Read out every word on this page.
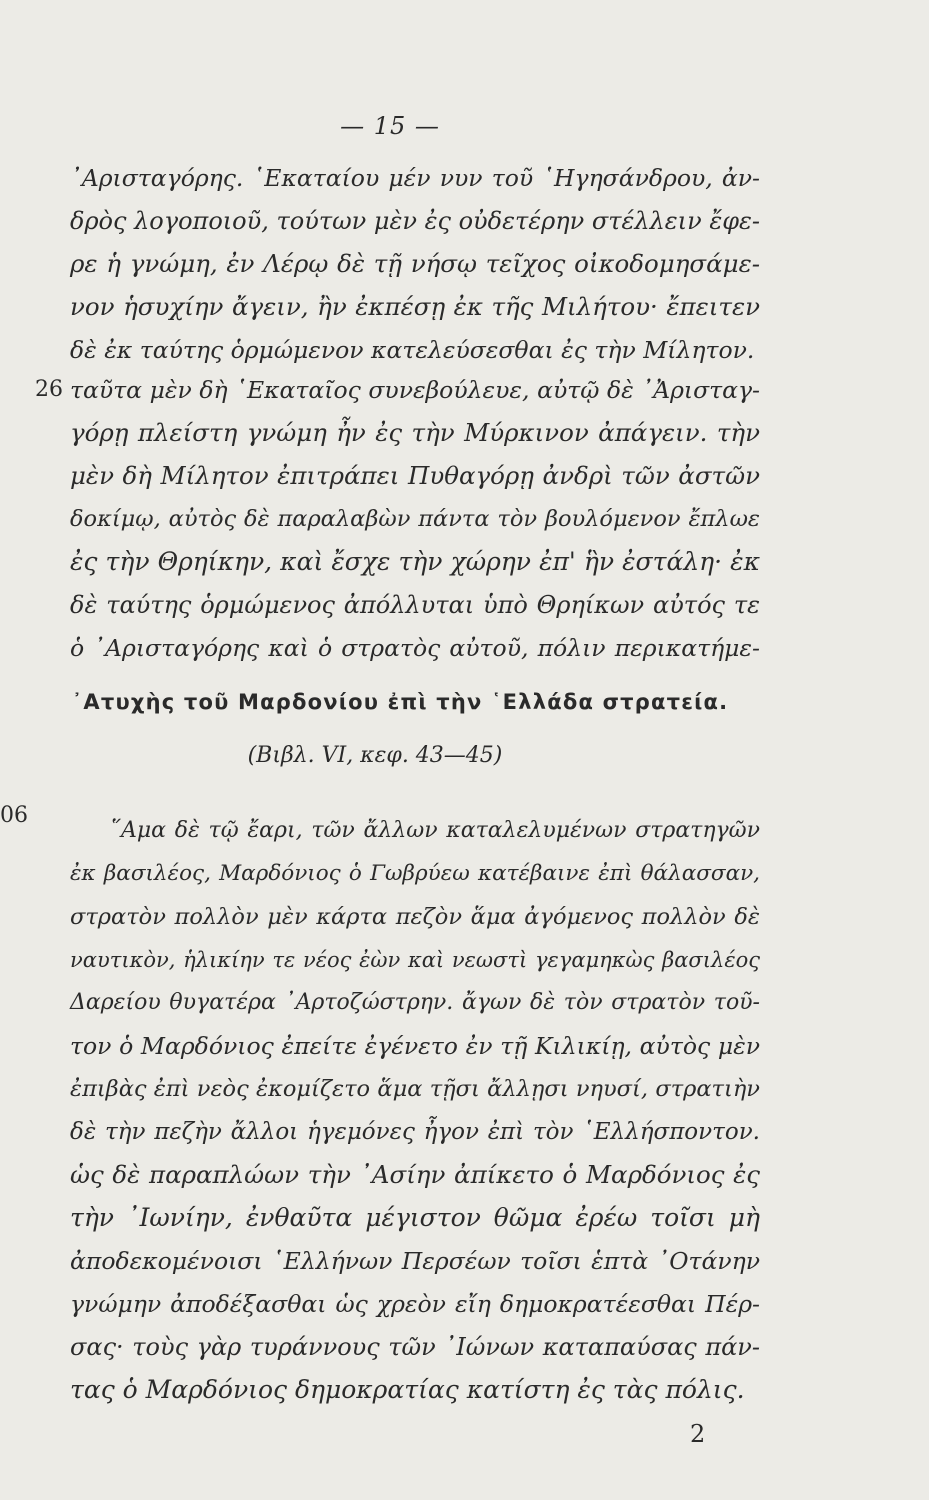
— 15 —
᾿Αρισταγόρης. ῾Εκαταίου μέν νυν τοῦ ῾Ηγησάνδρου, ἀν-
δρὸς λογοποιοῦ, τούτων μὲν ἐς οὐδετέρην στέλλειν ἔφε-
ρε ἡ γνώμη, ἐν Λέρῳ δὲ τῇ νήσῳ τεῖχος οἰκοδομησάμε-
νον ἡσυχίην ἄγειν, ἢν ἐκπέσῃ ἐκ τῆς Μιλήτου· ἔπειτεν
δὲ ἐκ ταύτης ὁρμώμενον κατελεύσεσθαι ἐς τὴν Μίλητον.
26 ταῦτα μὲν δὴ ῾Εκαταῖος συνεβούλευε, αὐτῷ δὲ ᾿Ἀρισταγ-
γόρῃ πλείστη γνώμη ἦν ἐς τὴν Μύρκινον ἀπάγειν. τὴν
μὲν δὴ Μίλητον ἐπιτράπει Πυθαγόρῃ ἀνδρὶ τῶν ἀστῶν
δοκίμῳ, αὐτὸς δὲ παραλαβὼν πάντα τὸν βουλόμενον ἔπλωε
ἐς τὴν Θρηίκην, καὶ ἔσχε τὴν χώρην ἐπ' ἣν ἐστάλη· ἐκ
δὲ ταύτης ὁρμώμενος ἀπόλλυται ὑπὸ Θρηίκων αὐτός τε
ὁ ᾿Αρισταγόρης καὶ ὁ στρατὸς αὐτοῦ, πόλιν περικατήμε-
᾿Ατυχὴς τοῦ Μαρδονίου ἐπὶ τὴν ῾Ελλάδα στρατεία.
(Βιβλ. VI, κεφ. 43—45)
06
῞Αμα δὲ τῷ ἔαρι, τῶν ἄλλων καταλελυμένων στρατηγῶν
ἐκ βασιλέος, Μαρδόνιος ὁ Γωβρύεω κατέβαινε ἐπὶ θάλασσαν,
στρατὸν πολλὸν μὲν κάρτα πεζὸν ἅμα ἀγόμενος πολλὸν δὲ
ναυτικὸν, ἡλικίην τε νέος ἐὼν καὶ νεωστὶ γεγαμηκὼς βασιλέος
Δαρείου θυγατέρα ᾿Αρτοζώστρην. ἄγων δὲ τὸν στρατὸν τοῦ-
τον ὁ Μαρδόνιος ἐπείτε ἐγένετο ἐν τῇ Κιλικίῃ, αὐτὸς μὲν
ἐπιβὰς ἐπὶ νεὸς ἐκομίζετο ἅμα τῇσι ἄλλῃσι νηυσί, στρατιὴν
δὲ τὴν πεζὴν ἄλλοι ἡγεμόνες ἦγον ἐπὶ τὸν ῾Ελλήσποντον.
ὡς δὲ παραπλώων τὴν ᾿Ασίην ἀπίκετο ὁ Μαρδόνιος ἐς
τὴν ᾿Ιωνίην, ἐνθαῦτα μέγιστον θῶμα ἐρέω τοῖσι μὴ
ἀποδεκομένοισι ῾Ελλήνων Περσέων τοῖσι ἑπτὰ ᾿Οτάνην
γνώμην ἀποδέξασθαι ὡς χρεὸν εἴη δημοκρατέεσθαι Πέρ-
σας· τοὺς γὰρ τυράννους τῶν ᾿Ιώνων καταπαύσας πάν-
τας ὁ Μαρδόνιος δημοκρατίας κατίστη ἐς τὰς πόλις.
2
